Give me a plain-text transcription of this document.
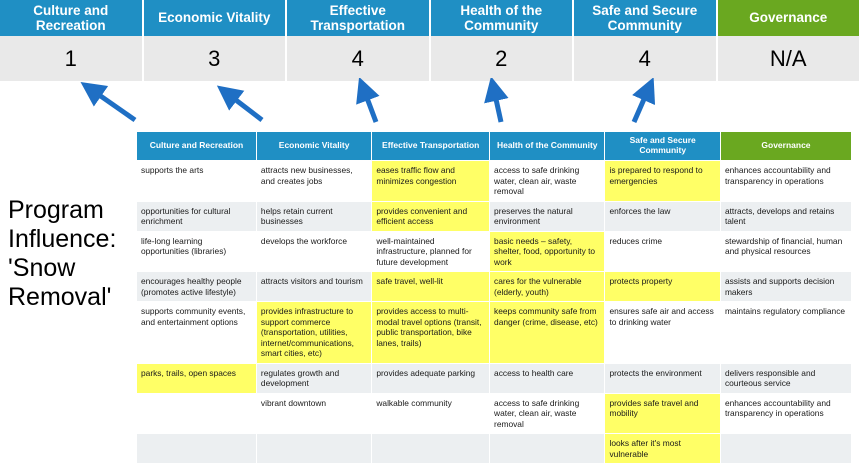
Culture and Recreation
Economic Vitality
Effective Transportation
Health of the Community
Safe and Secure Community
Governance
1	3	4	2	4	N/A
Program Influence: 'Snow Removal'
Culture and Recreation	Economic Vitality	Effective Transportation	Health of the Community	Safe and Secure Community	Governance
supports the arts	attracts new businesses, and creates jobs	eases traffic flow and minimizes congestion	access to safe drinking water, clean air, waste removal	is prepared to respond to emergencies	enhances accountability and transparency in operations
opportunities for cultural enrichment	helps retain current businesses	provides convenient and efficient access	preserves the natural environment	enforces the law	attracts, develops and retains talent
life-long learning opportunities (libraries)	develops the workforce	well-maintained infrastructure, planned for future development	basic needs – safety, shelter, food, opportunity to work	reduces crime	stewardship of financial, human and physical resources
encourages healthy people (promotes active lifestyle)	attracts visitors and tourism	safe travel, well-lit	cares for the vulnerable (elderly, youth)	protects property	assists and supports decision makers
supports community events, and entertainment options	provides infrastructure to support commerce (transportation, utilities, internet/communications, smart cities, etc)	provides access to multi-modal travel options (transit, public transportation, bike lanes, trails)	keeps community safe from danger (crime, disease, etc)	ensures safe air and access to drinking water	maintains regulatory compliance
parks, trails, open spaces	regulates growth and development	provides adequate parking	access to health care	protects the environment	delivers responsible and courteous service
	vibrant downtown	walkable community	access to safe drinking water, clean air, waste removal	provides safe travel and mobility	enhances accountability and transparency in operations
				looks after it's most vulnerable	
